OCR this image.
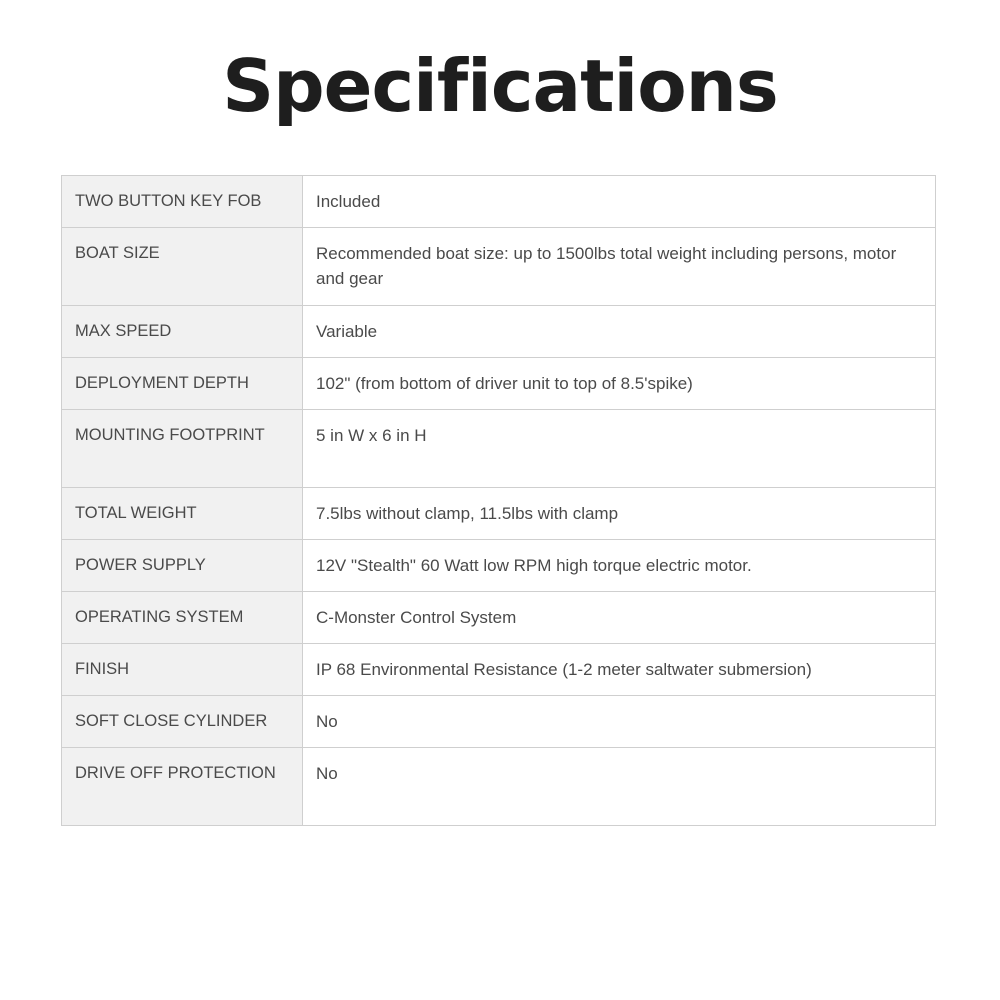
Specifications
TWO BUTTON KEY FOB	Included
BOAT SIZE	Recommended boat size: up to 1500lbs total weight including persons, motor and gear
MAX SPEED	Variable
DEPLOYMENT DEPTH	102" (from bottom of driver unit to top of 8.5'spike)
MOUNTING FOOTPRINT	5 in W x 6 in H
TOTAL WEIGHT	7.5lbs without clamp, 11.5lbs with clamp
POWER SUPPLY	12V "Stealth" 60 Watt low RPM high torque electric motor.
OPERATING SYSTEM	C-Monster Control System
FINISH	IP 68 Environmental Resistance (1-2 meter saltwater submersion)
SOFT CLOSE CYLINDER	No
DRIVE OFF PROTECTION	No
